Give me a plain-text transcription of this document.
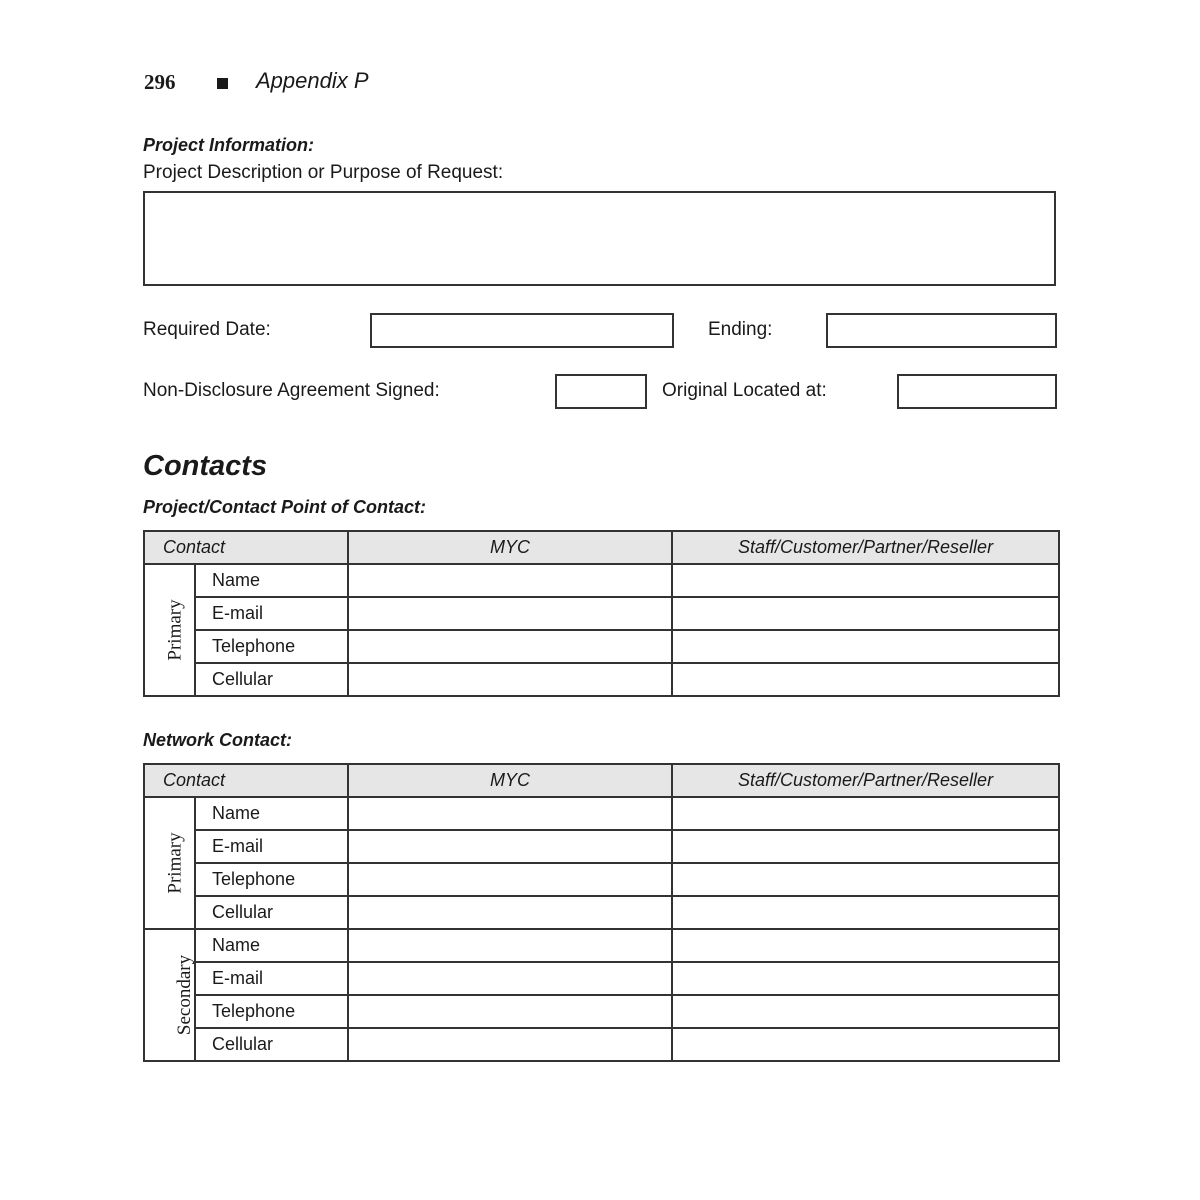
296	Appendix P
Project Information:
Project Description or Purpose of Request:
Required Date:	Ending:
Non-Disclosure Agreement Signed:	Original Located at:
Contacts
Project/Contact Point of Contact:
Contact		MYC	Staff/Customer/Partner/Reseller
Primary	Name		
	E-mail		
	Telephone		
	Cellular		
Network Contact:
Contact		MYC	Staff/Customer/Partner/Reseller
Primary	Name		
	E-mail		
	Telephone		
	Cellular		
Secondary	Name		
	E-mail		
	Telephone		
	Cellular		
